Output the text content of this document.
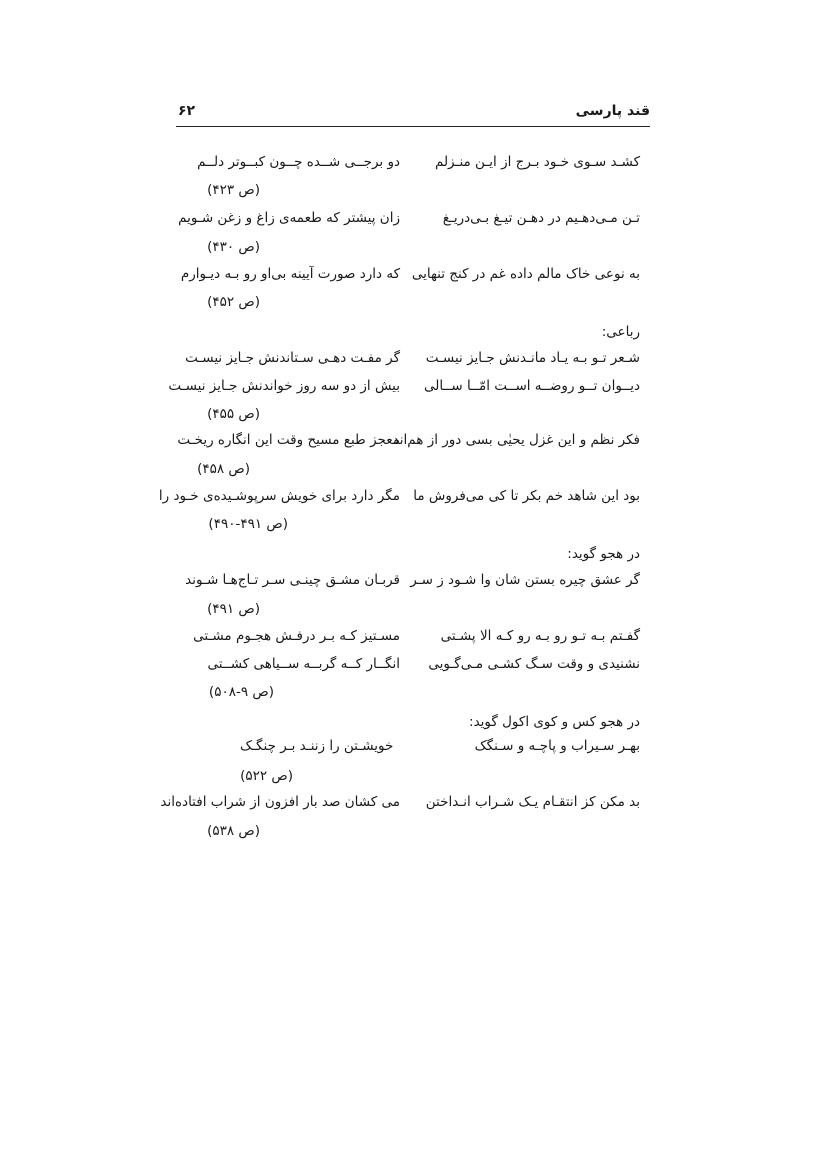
قند پارسی
۶۲
کشـد سـوی خـود بـرج از ایـن منـزلم
دو برجــی شــده چــون کبــوتر دلــم
(ص ۴۲۳)
تـن مـی‌دهـیم در دهـن تیـغ بـی‌دریـغ
زان پیشتر که طعمه‌ی زاغ و زغن شـویم
(ص ۴۳۰)
به نوعی خاک مالم داده غم در کنج تنهایی
که دارد صورت آیینه بی‌او رو بـه دیـوارم
(ص ۴۵۲)
رباعی:
شـعر تـو بـه یـاد مانـدنش جـایز نیسـت
گر مفـت دهـی سـتاندنش جـایز نیسـت
دیــوان تــو روضــه اســت امّــا ســالی
بیش از دو سه روز خواندنش جـایز نیسـت
(ص ۴۵۵)
فکر نظم و این غزل یحیٰی بسی دور از هم‌اند
معجز طبع مسیح وقت این انگاره ریخـت
(ص ۴۵۸)
بود این شاهد خم بکر تا کی می‌فروش ما
مگر دارد برای خویش سرپوشـیده‌ی خـود را
(ص ۴۹۱-۴۹۰)
در هجو گوید:
گر عشق چیره بستن شان وا شـود ز سـر
قربـان مشـق چینـی سـر تـاج‌هـا شـوند
(ص ۴۹۱)
گفـتم بـه تـو رو بـه رو کـه الا پشـتی
مسـتیز کـه بـر درفـش هجـوم مشـتی
نشنیدی و وقت سـگ کشـی مـی‌گـویی
انگــار کــه گربــه ســیاهی کشــتی
(ص ۹-۵۰۸)
در هجو کس و کوی اکول گوید:
بهـر سـیراب و پاچـه و سـنگک
خویشـتن را زننـد بـر چنگـک
(ص ۵۲۲)
بد مکن کز انتقـام یـک شـراب انـداختن
می کشان صد بار افزون از شراب افتاده‌اند
(ص ۵۳۸)
